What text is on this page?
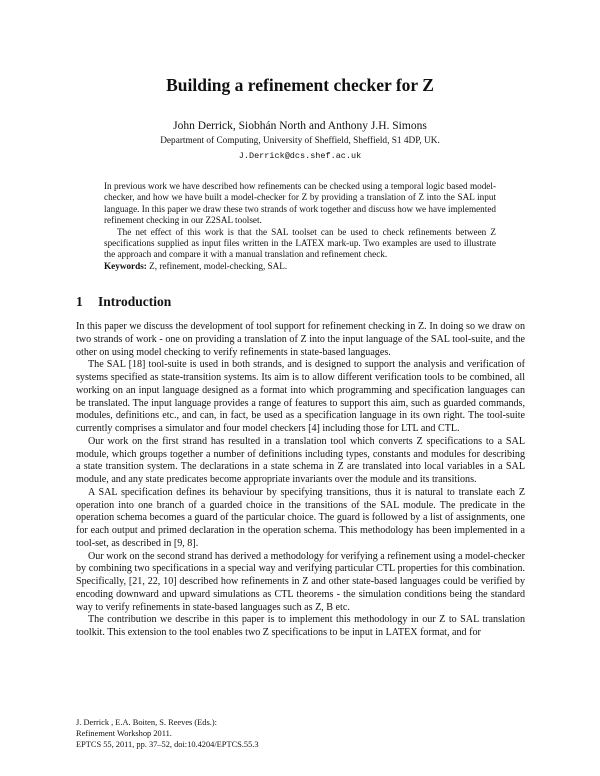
Building a refinement checker for Z
John Derrick, Siobhán North and Anthony J.H. Simons
Department of Computing, University of Sheffield, Sheffield, S1 4DP, UK.
J.Derrick@dcs.shef.ac.uk

In previous work we have described how refinements can be checked using a temporal logic based model-checker, and how we have built a model-checker for Z by providing a translation of Z into the SAL input language. In this paper we draw these two strands of work together and discuss how we have implemented refinement checking in our Z2SAL toolset.

The net effect of this work is that the SAL toolset can be used to check refinements between Z specifications supplied as input files written in the LATEX mark-up. Two examples are used to illustrate the approach and compare it with a manual translation and refinement check.

Keywords: Z, refinement, model-checking, SAL.

1 Introduction

In this paper we discuss the development of tool support for refinement checking in Z. In doing so we draw on two strands of work - one on providing a translation of Z into the input language of the SAL tool-suite, and the other on using model checking to verify refinements in state-based languages.

The SAL [18] tool-suite is used in both strands, and is designed to support the analysis and verification of systems specified as state-transition systems. Its aim is to allow different verification tools to be combined, all working on an input language designed as a format into which programming and specification languages can be translated. The input language provides a range of features to support this aim, such as guarded commands, modules, definitions etc., and can, in fact, be used as a specification language in its own right. The tool-suite currently comprises a simulator and four model checkers [4] including those for LTL and CTL.

Our work on the first strand has resulted in a translation tool which converts Z specifications to a SAL module, which groups together a number of definitions including types, constants and modules for describing a state transition system. The declarations in a state schema in Z are translated into local variables in a SAL module, and any state predicates become appropriate invariants over the module and its transitions.

A SAL specification defines its behaviour by specifying transitions, thus it is natural to translate each Z operation into one branch of a guarded choice in the transitions of the SAL module. The predicate in the operation schema becomes a guard of the particular choice. The guard is followed by a list of assignments, one for each output and primed declaration in the operation schema. This methodology has been implemented in a tool-set, as described in [9, 8].

Our work on the second strand has derived a methodology for verifying a refinement using a model-checker by combining two specifications in a special way and verifying particular CTL properties for this combination. Specifically, [21, 22, 10] described how refinements in Z and other state-based languages could be verified by encoding downward and upward simulations as CTL theorems - the simulation conditions being the standard way to verify refinements in state-based languages such as Z, B etc.

The contribution we describe in this paper is to implement this methodology in our Z to SAL translation toolkit. This extension to the tool enables two Z specifications to be input in LATEX format, and for

J. Derrick , E.A. Boiten, S. Reeves (Eds.):
Refinement Workshop 2011.
EPTCS 55, 2011, pp. 37–52, doi:10.4204/EPTCS.55.3
